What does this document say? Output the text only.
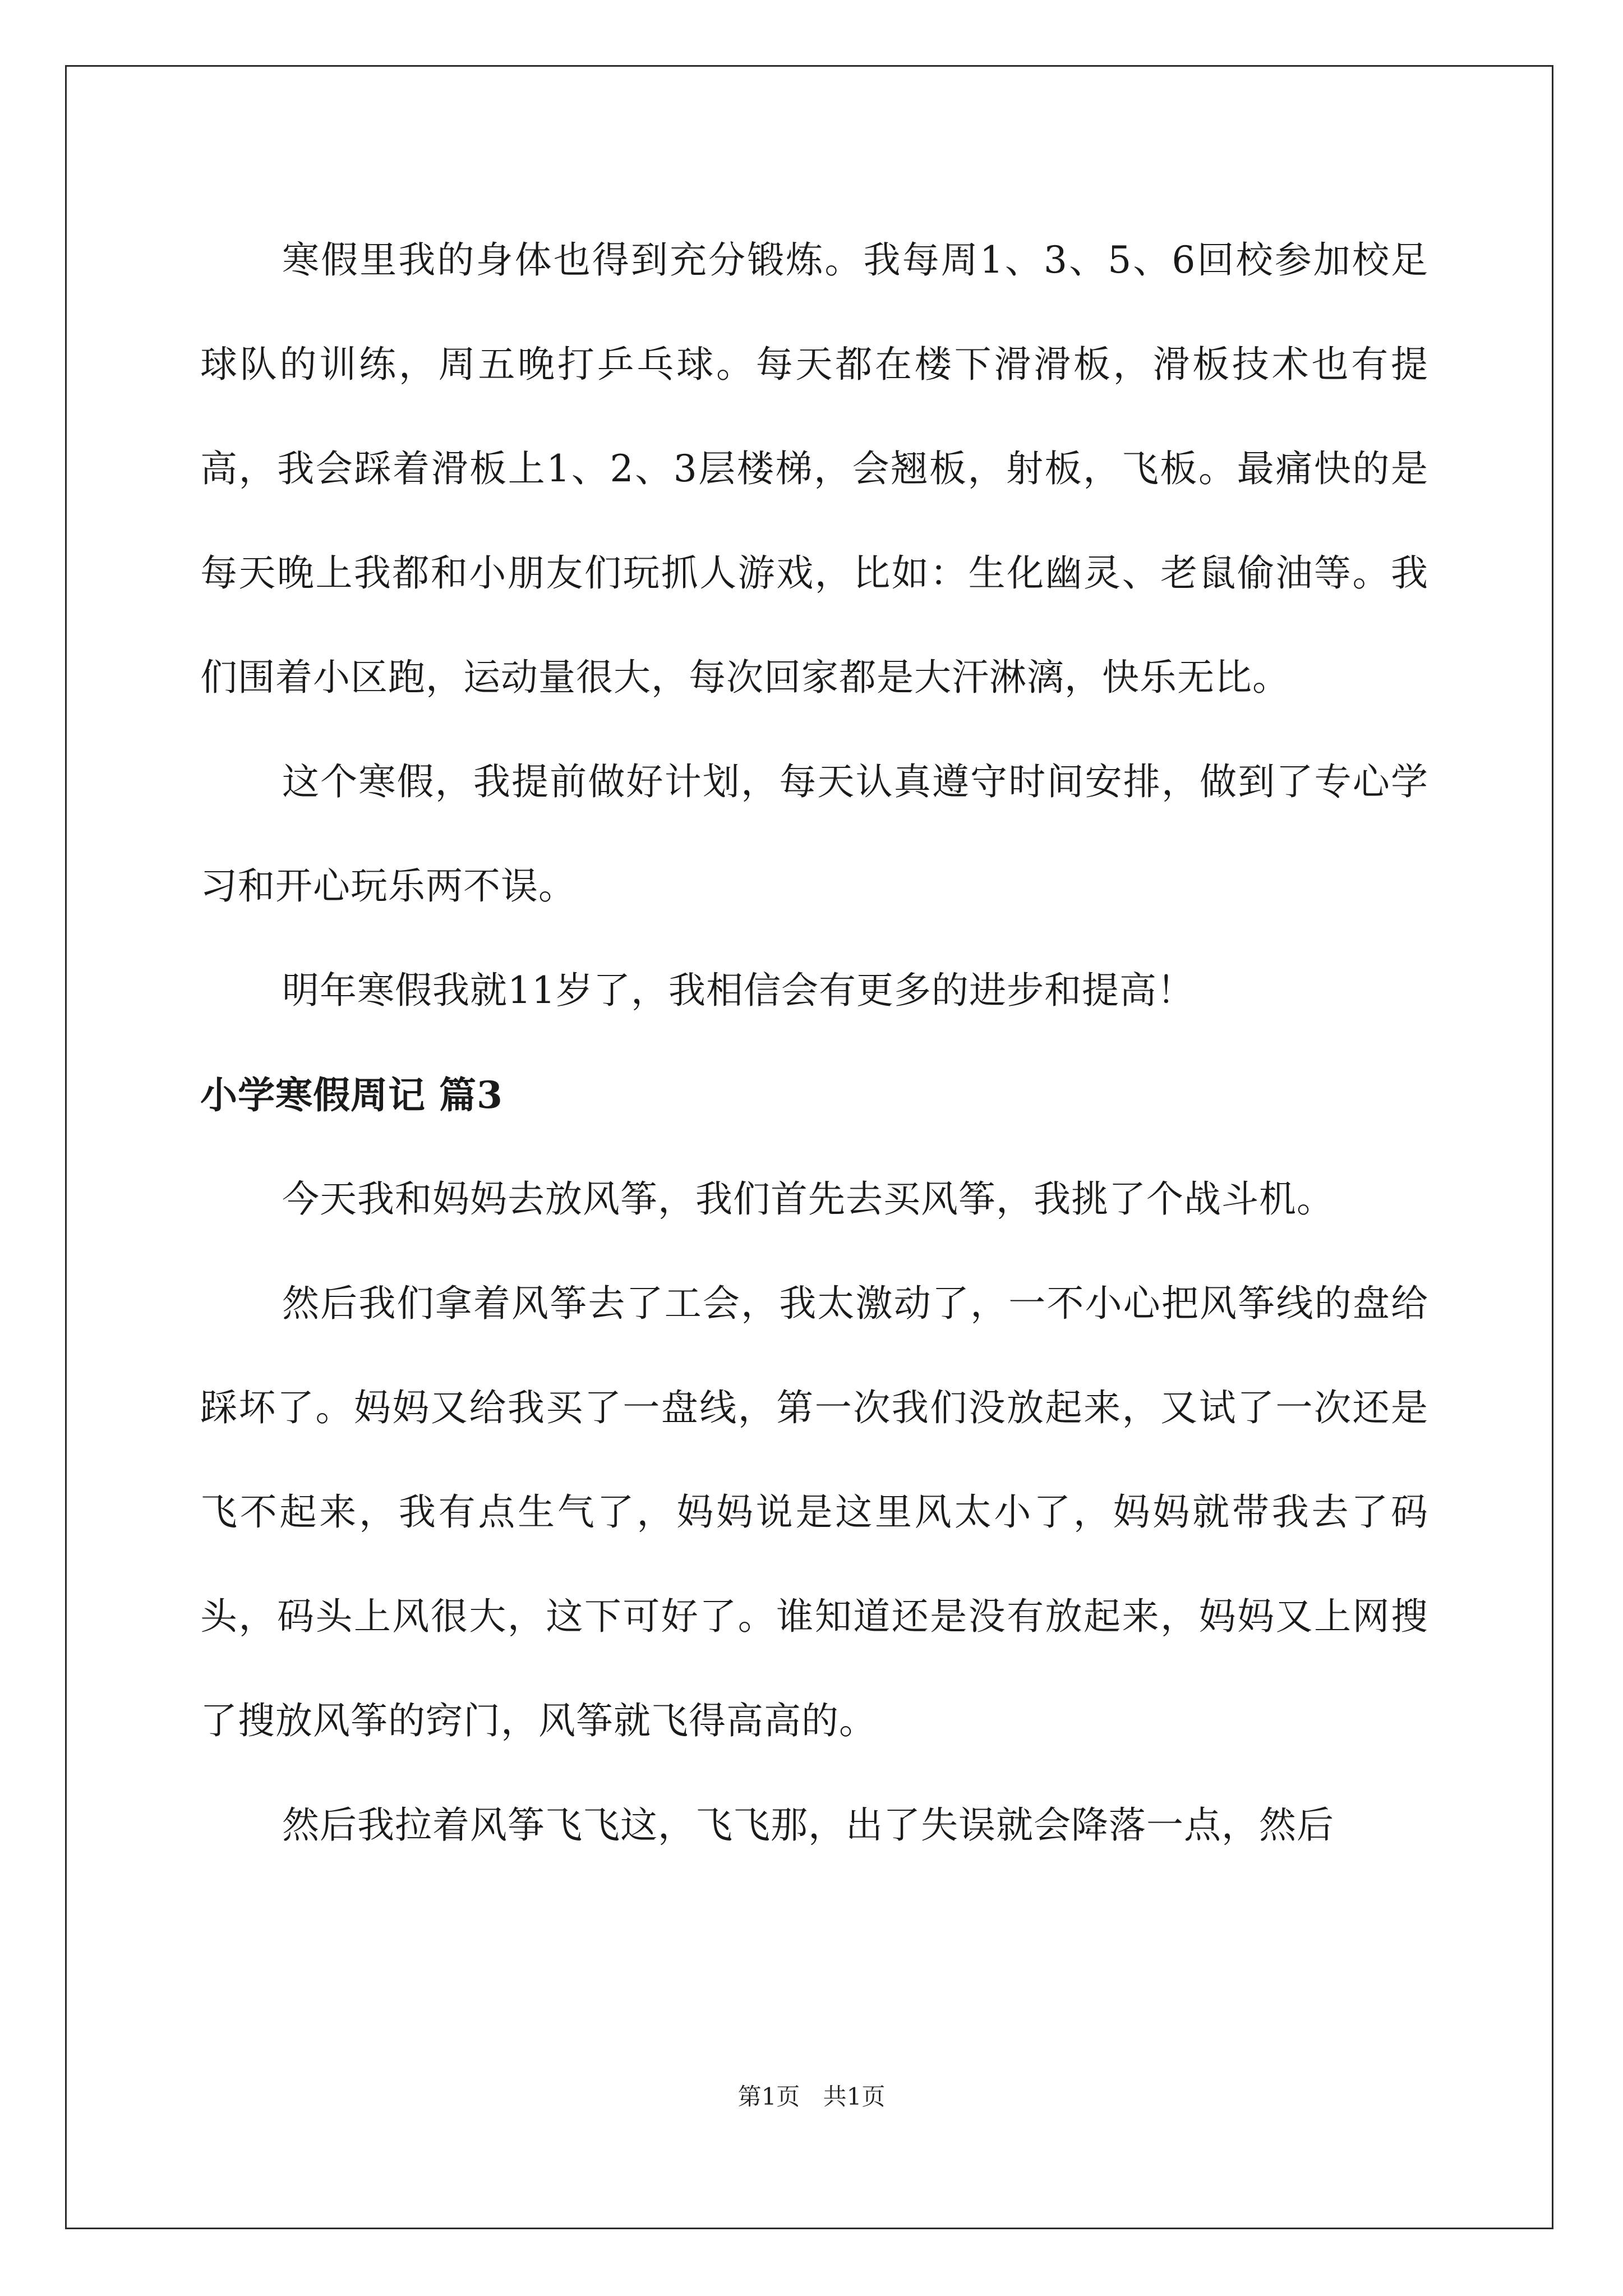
寒假里我的身体也得到充分锻炼。我每周1、3、5、6回校参加校足球队的训练，周五晚打乒乓球。每天都在楼下滑滑板，滑板技术也有提高，我会踩着滑板上1、2、3层楼梯，会翘板，射板，飞板。最痛快的是每天晚上我都和小朋友们玩抓人游戏，比如：生化幽灵、老鼠偷油等。我们围着小区跑，运动量很大，每次回家都是大汗淋漓，快乐无比。

这个寒假，我提前做好计划，每天认真遵守时间安排，做到了专心学习和开心玩乐两不误。

明年寒假我就11岁了，我相信会有更多的进步和提高！

小学寒假周记 篇3

今天我和妈妈去放风筝，我们首先去买风筝，我挑了个战斗机。

然后我们拿着风筝去了工会，我太激动了，一不小心把风筝线的盘给踩坏了。妈妈又给我买了一盘线，第一次我们没放起来，又试了一次还是飞不起来，我有点生气了，妈妈说是这里风太小了，妈妈就带我去了码头，码头上风很大，这下可好了。谁知道还是没有放起来，妈妈又上网搜了搜放风筝的窍门，风筝就飞得高高的。

然后我拉着风筝飞飞这，飞飞那，出了失误就会降落一点，然后

第1页 共1页
